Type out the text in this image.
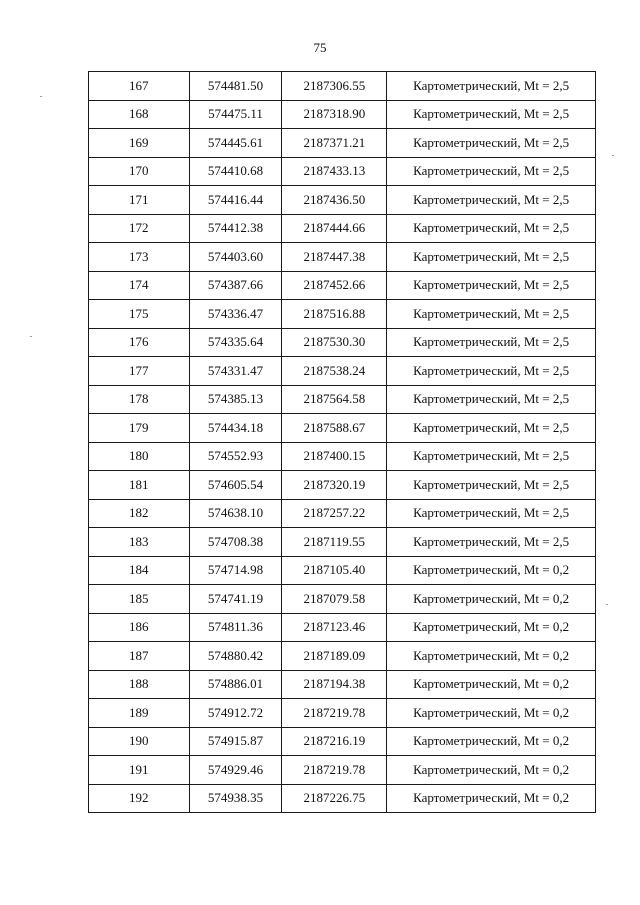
75
167	574481.50	2187306.55	Картометрический, Mt = 2,5
168	574475.11	2187318.90	Картометрический, Mt = 2,5
169	574445.61	2187371.21	Картометрический, Mt = 2,5
170	574410.68	2187433.13	Картометрический, Mt = 2,5
171	574416.44	2187436.50	Картометрический, Mt = 2,5
172	574412.38	2187444.66	Картометрический, Mt = 2,5
173	574403.60	2187447.38	Картометрический, Mt = 2,5
174	574387.66	2187452.66	Картометрический, Mt = 2,5
175	574336.47	2187516.88	Картометрический, Mt = 2,5
176	574335.64	2187530.30	Картометрический, Mt = 2,5
177	574331.47	2187538.24	Картометрический, Mt = 2,5
178	574385.13	2187564.58	Картометрический, Mt = 2,5
179	574434.18	2187588.67	Картометрический, Mt = 2,5
180	574552.93	2187400.15	Картометрический, Mt = 2,5
181	574605.54	2187320.19	Картометрический, Mt = 2,5
182	574638.10	2187257.22	Картометрический, Mt = 2,5
183	574708.38	2187119.55	Картометрический, Mt = 2,5
184	574714.98	2187105.40	Картометрический, Mt = 0,2
185	574741.19	2187079.58	Картометрический, Mt = 0,2
186	574811.36	2187123.46	Картометрический, Mt = 0,2
187	574880.42	2187189.09	Картометрический, Mt = 0,2
188	574886.01	2187194.38	Картометрический, Mt = 0,2
189	574912.72	2187219.78	Картометрический, Mt = 0,2
190	574915.87	2187216.19	Картометрический, Mt = 0,2
191	574929.46	2187219.78	Картометрический, Mt = 0,2
192	574938.35	2187226.75	Картометрический, Mt = 0,2
